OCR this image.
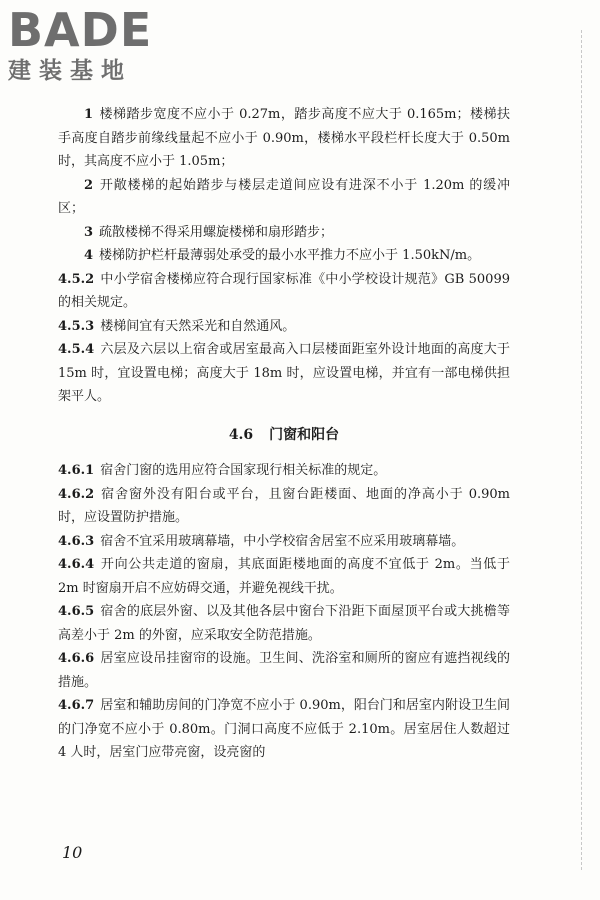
BADE
建装基地
1 楼梯踏步宽度不应小于 0.27m，踏步高度不应大于 0.165m；楼梯扶手高度自踏步前缘线量起不应小于 0.90m，楼梯水平段栏杆长度大于 0.50m 时，其高度不应小于 1.05m；
2 开敞楼梯的起始踏步与楼层走道间应设有进深不小于 1.20m 的缓冲区；
3 疏散楼梯不得采用螺旋楼梯和扇形踏步；
4 楼梯防护栏杆最薄弱处承受的最小水平推力不应小于 1.50kN/m。
4.5.2 中小学宿舍楼梯应符合现行国家标准《中小学校设计规范》GB 50099 的相关规定。
4.5.3 楼梯间宜有天然采光和自然通风。
4.5.4 六层及六层以上宿舍或居室最高入口层楼面距室外设计地面的高度大于 15m 时，宜设置电梯；高度大于 18m 时，应设置电梯，并宜有一部电梯供担架平人。
4.6 门窗和阳台
4.6.1 宿舍门窗的选用应符合国家现行相关标准的规定。
4.6.2 宿舍窗外没有阳台或平台，且窗台距楼面、地面的净高小于 0.90m 时，应设置防护措施。
4.6.3 宿舍不宜采用玻璃幕墙，中小学校宿舍居室不应采用玻璃幕墙。
4.6.4 开向公共走道的窗扇，其底面距楼地面的高度不宜低于 2m。当低于 2m 时窗扇开启不应妨碍交通，并避免视线干扰。
4.6.5 宿舍的底层外窗、以及其他各层中窗台下沿距下面屋顶平台或大挑檐等高差小于 2m 的外窗，应采取安全防范措施。
4.6.6 居室应设吊挂窗帘的设施。卫生间、洗浴室和厕所的窗应有遮挡视线的措施。
4.6.7 居室和辅助房间的门净宽不应小于 0.90m，阳台门和居室内附设卫生间的门净宽不应小于 0.80m。门洞口高度不应低于 2.10m。居室居住人数超过 4 人时，居室门应带亮窗，设亮窗的
10
